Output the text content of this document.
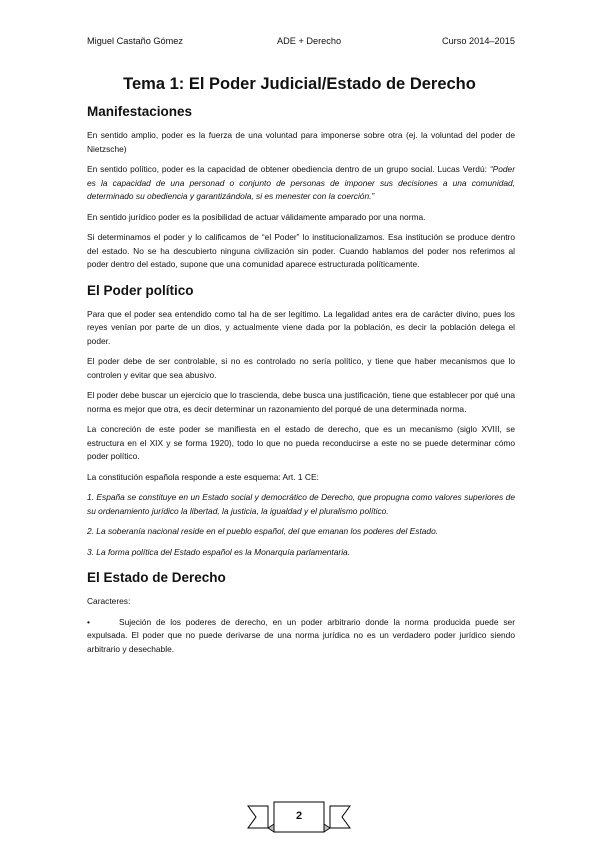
Miguel Castaño Gómez	ADE + Derecho	Curso 2014–2015
Tema 1: El Poder Judicial/Estado de Derecho
Manifestaciones

En sentido amplio, poder es la fuerza de una voluntad para imponerse sobre otra (ej. la voluntad del poder de Nietzsche)

En sentido político, poder es la capacidad de obtener obediencia dentro de un grupo social. Lucas Verdú: “Poder es la capacidad de una personad o conjunto de personas de imponer sus decisiones a una comunidad, determinado su obediencia y garantizándola, si es menester con la coerción.”

En sentido jurídico poder es la posibilidad de actuar válidamente amparado por una norma.

Si determinamos el poder y lo calificamos de “el Poder” lo institucionalizamos. Esa institución se produce dentro del estado. No se ha descubierto ninguna civilización sin poder. Cuando hablamos del poder nos referimos al poder dentro del estado, supone que una comunidad aparece estructurada políticamente.

El Poder político

Para que el poder sea entendido como tal ha de ser legítimo. La legalidad antes era de carácter divino, pues los reyes venían por parte de un dios, y actualmente viene dada por la población, es decir la población delega el poder.

El poder debe de ser controlable, si no es controlado no sería político, y tiene que haber mecanismos que lo controlen y evitar que sea abusivo.

El poder debe buscar un ejercicio que lo trascienda, debe busca una justificación, tiene que establecer por qué una norma es mejor que otra, es decir determinar un razonamiento del porqué de una determinada norma.

La concreción de este poder se manifiesta en el estado de derecho, que es un mecanismo (siglo XVIII, se estructura en el XIX y se forma 1920), todo lo que no pueda reconducirse a este no se puede determinar cómo poder político.

La constitución española responde a este esquema: Art. 1 CE:

1. España se constituye en un Estado social y democrático de Derecho, que propugna como valores superiores de su ordenamiento jurídico la libertad, la justicia, la igualdad y el pluralismo político.

2. La soberanía nacional reside en el pueblo español, del que emanan los poderes del Estado.

3. La forma política del Estado español es la Monarquía parlamentaria.

El Estado de Derecho

Caracteres:

•	Sujeción de los poderes de derecho, en un poder arbitrario donde la norma producida puede ser expulsada. El poder que no puede derivarse de una norma jurídica no es un verdadero poder jurídico siendo arbitrario y desechable.

2
